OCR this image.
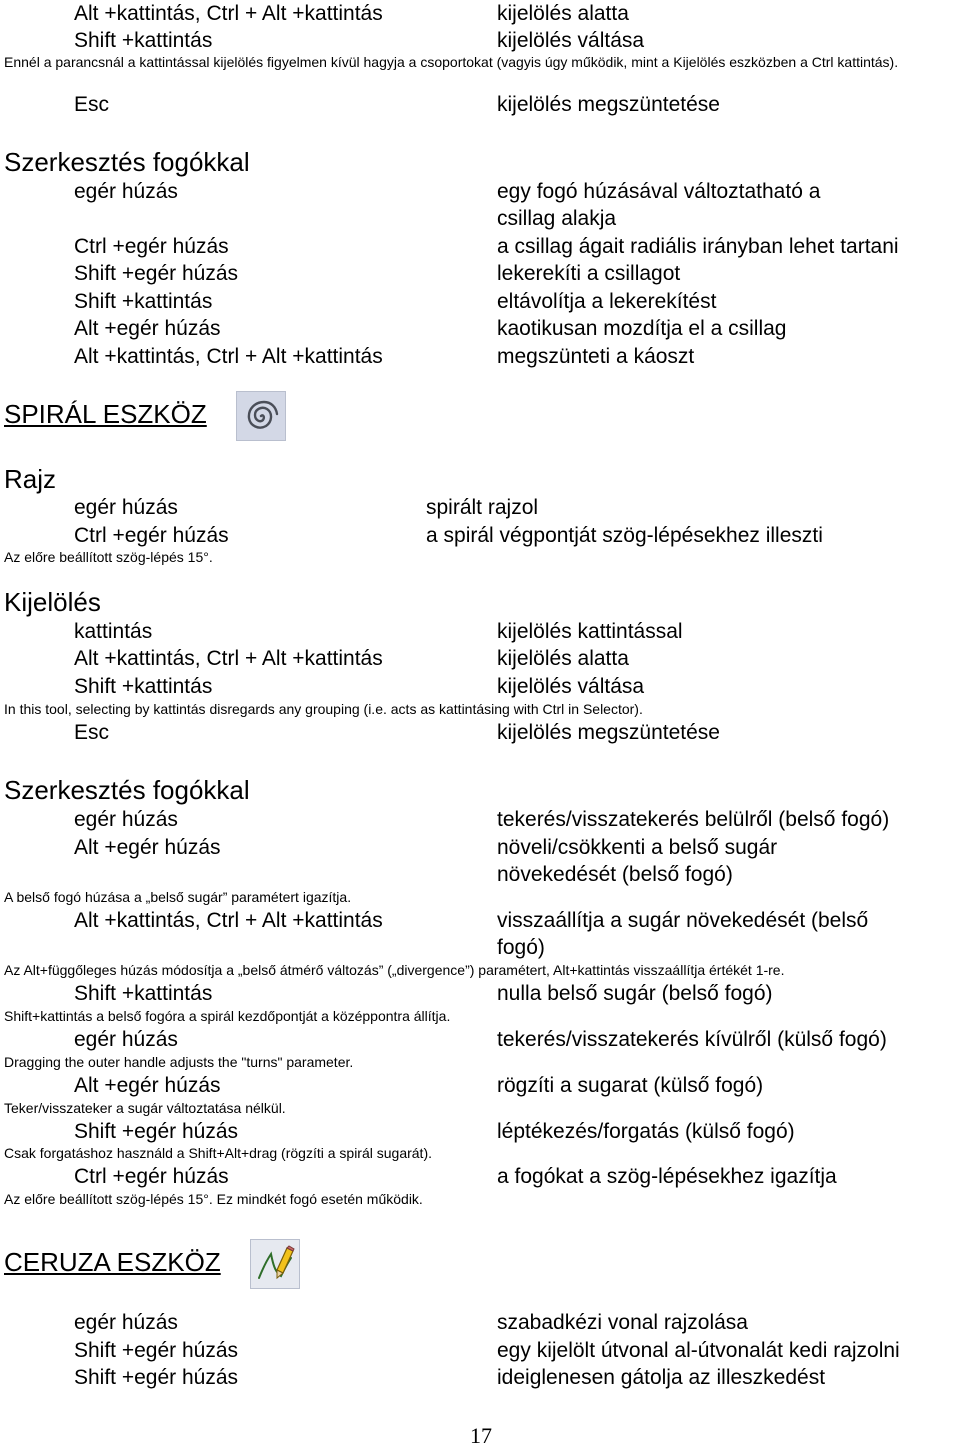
Alt +kattintás, Ctrl + Alt +kattintás	kijelölés alatta
Shift +kattintás	kijelölés váltása
Ennél a parancsnál a kattintással kijelölés figyelmen kívül hagyja a csoportokat (vagyis úgy működik, mint a Kijelölés eszközben a Ctrl kattintás).
Esc	kijelölés megszüntetése
Szerkesztés fogókkal
egér húzás	egy fogó húzásával változtatható a
csillag alakja
Ctrl +egér húzás	a csillag ágait radiális irányban lehet tartani
Shift +egér húzás	lekerekíti a csillagot
Shift +kattintás	eltávolítja a lekerekítést
Alt +egér húzás	kaotikusan mozdítja el a csillag
Alt +kattintás, Ctrl + Alt +kattintás	megszünteti a káoszt
SPIRÁL ESZKÖZ
Rajz
egér húzás	spirált rajzol
Ctrl +egér húzás	a spirál végpontját szög-lépésekhez illeszti
Az előre beállított szög-lépés 15°.
Kijelölés
kattintás	kijelölés kattintással
Alt +kattintás, Ctrl + Alt +kattintás	kijelölés alatta
Shift +kattintás	kijelölés váltása
In this tool, selecting by kattintás disregards any grouping (i.e. acts as kattintásing with Ctrl in Selector).
Esc	kijelölés megszüntetése
Szerkesztés fogókkal
egér húzás	tekerés/visszatekerés belülről (belső fogó)
Alt +egér húzás	növeli/csökkenti a belső sugár
növekedését (belső fogó)
A belső fogó húzása a „belső sugár” paramétert igazítja.
Alt +kattintás, Ctrl + Alt +kattintás	visszaállítja a sugár növekedését (belső
fogó)
Az Alt+függőleges húzás módosítja a „belső átmérő változás” („divergence”) paramétert, Alt+kattintás visszaállítja értékét 1-re.
Shift +kattintás	nulla belső sugár (belső fogó)
Shift+kattintás a belső fogóra a spirál kezdőpontját a középpontra állítja.
egér húzás	tekerés/visszatekerés kívülről (külső fogó)
Dragging the outer handle adjusts the "turns" parameter.
Alt +egér húzás	rögzíti a sugarat (külső fogó)
Teker/visszateker a sugár változtatása nélkül.
Shift +egér húzás	léptékezés/forgatás (külső fogó)
Csak forgatáshoz használd a Shift+Alt+drag (rögzíti a spirál sugarát).
Ctrl +egér húzás	a fogókat a szög-lépésekhez igazítja
Az előre beállított szög-lépés 15°. Ez mindkét fogó esetén működik.
CERUZA ESZKÖZ
egér húzás	szabadkézi vonal rajzolása
Shift +egér húzás	egy kijelölt útvonal al-útvonalát kedi rajzolni
Shift +egér húzás	ideiglenesen gátolja az illeszkedést
17
